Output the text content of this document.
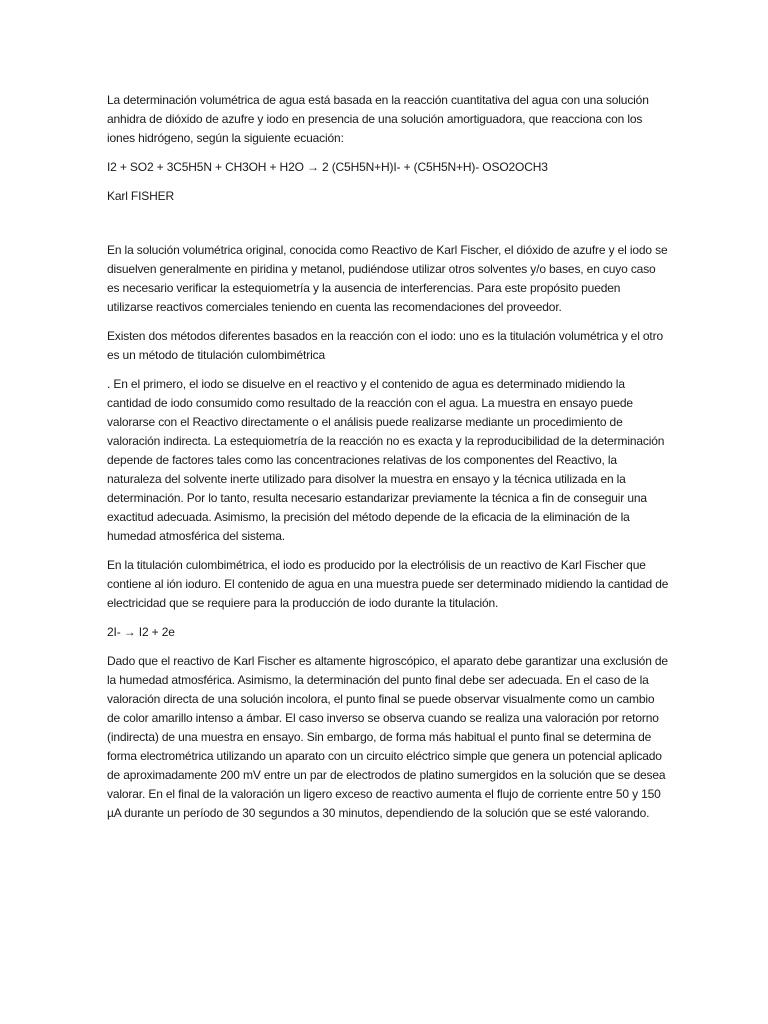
La determinación volumétrica de agua está basada en la reacción cuantitativa del agua con una solución anhidra de dióxido de azufre y iodo en presencia de una solución amortiguadora, que reacciona con los iones hidrógeno, según la siguiente ecuación:

I2 + SO2 + 3C5H5N + CH3OH + H2O → 2 (C5H5N+H)I- + (C5H5N+H)- OSO2OCH3

Karl FISHER

En la solución volumétrica original, conocida como Reactivo de Karl Fischer, el dióxido de azufre y el iodo se disuelven generalmente en piridina y metanol, pudiéndose utilizar otros solventes y/o bases, en cuyo caso es necesario verificar la estequiometría y la ausencia de interferencias. Para este propósito pueden utilizarse reactivos comerciales teniendo en cuenta las recomendaciones del proveedor.

Existen dos métodos diferentes basados en la reacción con el iodo: uno es la titulación volumétrica y el otro es un método de titulación culombimétrica

. En el primero, el iodo se disuelve en el reactivo y el contenido de agua es determinado midiendo la cantidad de iodo consumido como resultado de la reacción con el agua. La muestra en ensayo puede valorarse con el Reactivo directamente o el análisis puede realizarse mediante un procedimiento de valoración indirecta. La estequiometría de la reacción no es exacta y la reproducibilidad de la determinación depende de factores tales como las concentraciones relativas de los componentes del Reactivo, la naturaleza del solvente inerte utilizado para disolver la muestra en ensayo y la técnica utilizada en la determinación. Por lo tanto, resulta necesario estandarizar previamente la técnica a fin de conseguir una exactitud adecuada. Asimismo, la precisión del método depende de la eficacia de la eliminación de la humedad atmosférica del sistema.

En la titulación culombimétrica, el iodo es producido por la electrólisis de un reactivo de Karl Fischer que contiene al ión ioduro. El contenido de agua en una muestra puede ser determinado midiendo la cantidad de electricidad que se requiere para la producción de iodo durante la titulación.

2I- → I2 + 2e

Dado que el reactivo de Karl Fischer es altamente higroscópico, el aparato debe garantizar una exclusión de la humedad atmosférica. Asimismo, la determinación del punto final debe ser adecuada. En el caso de la valoración directa de una solución incolora, el punto final se puede observar visualmente como un cambio de color amarillo intenso a ámbar. El caso inverso se observa cuando se realiza una valoración por retorno (indirecta) de una muestra en ensayo. Sin embargo, de forma más habitual el punto final se determina de forma electrométrica utilizando un aparato con un circuito eléctrico simple que genera un potencial aplicado de aproximadamente 200 mV entre un par de electrodos de platino sumergidos en la solución que se desea valorar. En el final de la valoración un ligero exceso de reactivo aumenta el flujo de corriente entre 50 y 150 µA durante un período de 30 segundos a 30 minutos, dependiendo de la solución que se esté valorando.
